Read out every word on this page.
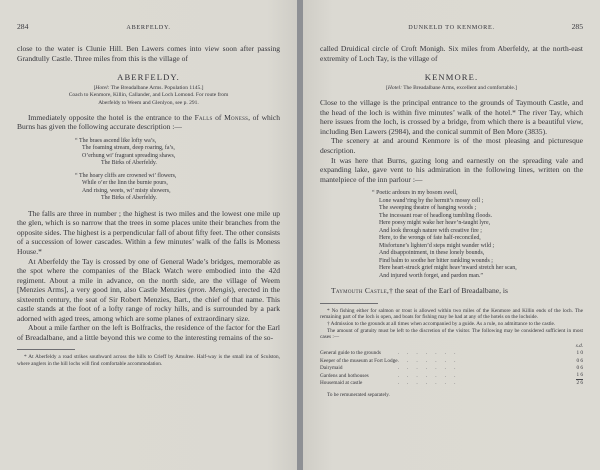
284	ABERFELDY.

close to the water is Clunie Hill. Ben Lawers comes into view soon after passing Grandtully Castle. Three miles from this is the village of

ABERFELDY.
[Hotel: The Breadalbane Arms. Population 1145.]
Coach to Kenmore, Killin, Callander, and Loch Lomond. For route from
Aberfeldy to Weem and Glenlyon, see p. 291.

Immediately opposite the hotel is the entrance to the Falls of Moness, of which Burns has given the following accurate description :—

“ The braes ascend like lofty wa’s,
The foaming stream, deep roaring, fa’s,
O’erhung wi’ fragrant spreading shaws,
The Birks of Aberfeldy.
“ The hoary cliffs are crowned wi’ flowers,
While o’er the linn the burnie pours,
And rising, weets, wi’ misty showers,
The Birks of Aberfeldy.

The falls are three in number ; the highest is two miles and the lowest one mile up the glen, which is so narrow that the trees in some places unite their branches from the opposite sides. The highest is a perpendicular fall of about fifty feet. The other consists of a succession of lower cascades. Within a few minutes’ walk of the falls is Moness House.*

At Aberfeldy the Tay is crossed by one of General Wade’s bridges, memorable as the spot where the companies of the Black Watch were embodied into the 42d regiment. About a mile in advance, on the north side, are the village of Weem [Menzies Arms], a very good inn, also Castle Menzies (pron. Mengis), erected in the sixteenth century, the seat of Sir Robert Menzies, Bart., the chief of that name. This castle stands at the foot of a lofty range of rocky hills, and is surrounded by a park adorned with aged trees, among which are some planes of extraordinary size.

About a mile farther on the left is Bolfracks, the residence of the factor for the Earl of Breadalbane, and a little beyond this we come to the interesting remains of the so-

* At Aberfeldy a road strikes southward across the hills to Crieff by Amulree. Half-way is the small inn of Sculston, where anglers in the hill lochs will find comfortable accommodation.

DUNKELD TO KENMORE.	285

called Druidical circle of Croft Monigh. Six miles from Aberfeldy, at the north-east extremity of Loch Tay, is the village of

KENMORE.
[Hotel: The Breadalbane Arms, excellent and comfortable.]

Close to the village is the principal entrance to the grounds of Taymouth Castle, and the head of the loch is within five minutes’ walk of the hotel.* The river Tay, which here issues from the loch, is crossed by a bridge, from which there is a beautiful view, including Ben Lawers (2984), and the conical summit of Ben More (3835).

The scenery at and around Kenmore is of the most pleasing and picturesque description.

It was here that Burns, gazing long and earnestly on the spreading vale and expanding lake, gave vent to his admiration in the following lines, written on the mantelpiece of the inn parlour :—

“ Poetic ardours in my bosom swell,
Lone wand’ring by the hermit’s mossy cell ;
The sweeping theatre of hanging woods ;
The incessant roar of headlong tumbling floods.
Here poesy might wake her heav’n-taught lyre,
And look through nature with creative fire ;
Here, to the wrongs of fate half-reconciled,
Misfortune’s lighten’d steps might wander wild ;
And disappointment, in these lonely bounds,
Find balm to soothe her bitter rankling wounds ;
Here heart-struck grief might heav’nward stretch her scan,
And injured worth forget, and pardon man.”

Taymouth Castle,† the seat of the Earl of Breadalbane, is

* No fishing either for salmon or trout is allowed within two miles of the Kenmore and Killin ends of the loch. The remaining part of the loch is open, and boats for fishing may be had at any of the hotels on the lochside.

† Admission to the grounds at all times when accompanied by a guide. As a rule, no admittance to the castle.

The amount of gratuity must be left to the discretion of the visitor. The following may be considered sufficient in most cases :—

		s.	d.
General guide to the grounds	. . . . . . .	1	0
Keeper of the museum at Fort Lodge	. . . . . . .	0	6
Dairymaid	. . . . . . .	0	6
Gardens and hothouses	. . . . . . .	1	6
Housemaid at castle	. . . . . . .	2	6

To be remunerated separately.
